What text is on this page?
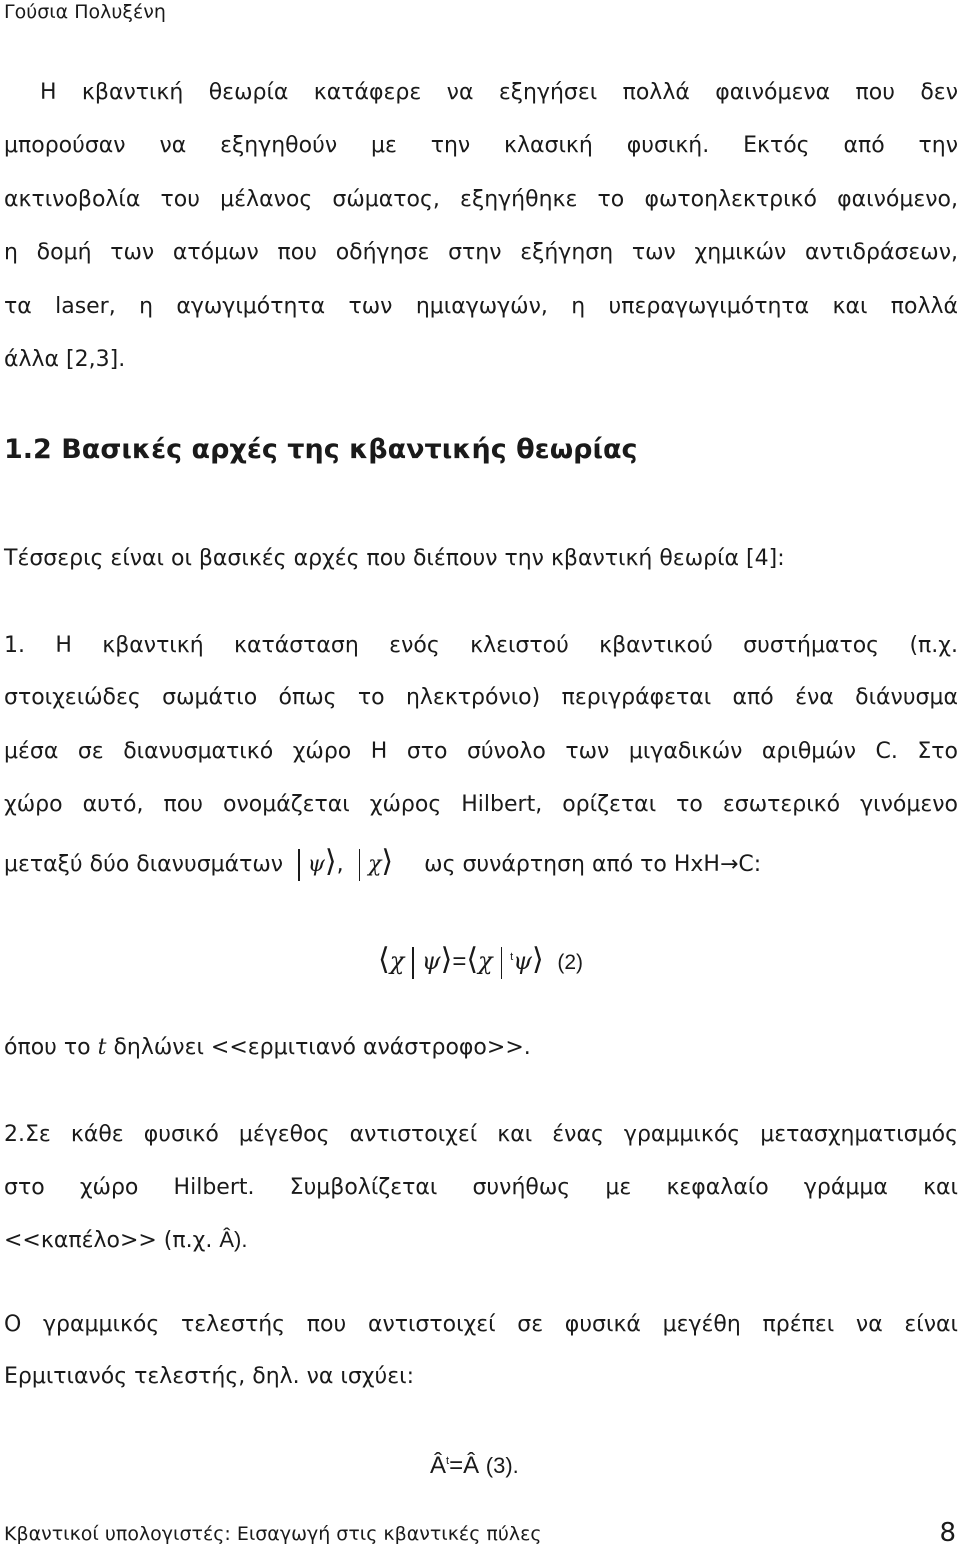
Γούσια Πολυξένη
Η κβαντική θεωρία κατάφερε να εξηγήσει πολλά φαινόμενα που δεν
μπορούσαν να εξηγηθούν με την κλασική φυσική. Εκτός από την
ακτινοβολία του μέλανος σώματος, εξηγήθηκε το φωτοηλεκτρικό φαινόμενο,
η δομή των ατόμων που οδήγησε στην εξήγηση των χημικών αντιδράσεων,
τα laser, η αγωγιμότητα των ημιαγωγών, η υπεραγωγιμότητα και πολλά
άλλα [2,3].
1.2 Βασικές αρχές της κβαντικής θεωρίας
Τέσσερις είναι οι βασικές αρχές που διέπουν την κβαντική θεωρία [4]:
1. Η κβαντική κατάσταση ενός κλειστού κβαντικού συστήματος (π.χ.
στοιχειώδες σωμάτιο όπως το ηλεκτρόνιο) περιγράφεται από ένα διάνυσμα
μέσα σε διανυσματικό χώρο Η στο σύνολο των μιγαδικών αριθμών C. Στο
χώρο αυτό, που ονομάζεται χώρος Hilbert, ορίζεται το εσωτερικό γινόμενο
μεταξύ δύο διανυσμάτων ψ⟩, χ⟩ ως συνάρτηση από το ΗxΗ→C:
⟨χ ψ⟩=⟨χ $^t$ψ⟩ (2)
όπου το t δηλώνει <<ερμιτιανό ανάστροφο>>.
2.Σε κάθε φυσικό μέγεθος αντιστοιχεί και ένας γραμμικός μετασχηματισμός
στο χώρο Hilbert. Συμβολίζεται συνήθως με κεφαλαίο γράμμα και
<<καπέλο>> (π.χ. Â).
Ο γραμμικός τελεστής που αντιστοιχεί σε φυσικά μεγέθη πρέπει να είναι
Ερμιτιανός τελεστής, δηλ. να ισχύει:
$Â^t=Â$ (3).
Κβαντικοί υπολογιστές: Εισαγωγή στις κβαντικές πύλες	8
